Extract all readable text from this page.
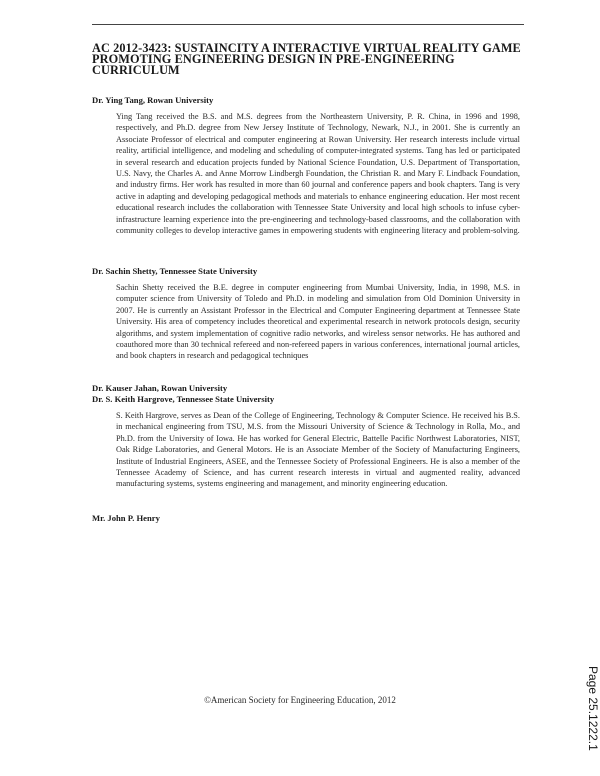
AC 2012-3423: SUSTAINCITY A INTERACTIVE VIRTUAL REALITY GAME PROMOTING ENGINEERING DESIGN IN PRE-ENGINEERING CURRICULUM
Dr. Ying Tang, Rowan University
Ying Tang received the B.S. and M.S. degrees from the Northeastern University, P. R. China, in 1996 and 1998, respectively, and Ph.D. degree from New Jersey Institute of Technology, Newark, N.J., in 2001. She is currently an Associate Professor of electrical and computer engineering at Rowan University. Her research interests include virtual reality, artificial intelligence, and modeling and scheduling of computer-integrated systems. Tang has led or participated in several research and education projects funded by National Science Foundation, U.S. Department of Transportation, U.S. Navy, the Charles A. and Anne Morrow Lindbergh Foundation, the Christian R. and Mary F. Lindback Foundation, and industry firms. Her work has resulted in more than 60 journal and conference papers and book chapters. Tang is very active in adapting and developing pedagogical methods and materials to enhance engineering education. Her most recent educational research includes the collaboration with Tennessee State University and local high schools to infuse cyber-infrastructure learning experience into the pre-engineering and technology-based classrooms, and the collaboration with community colleges to develop interactive games in empowering students with engineering literacy and problem-solving.
Dr. Sachin Shetty, Tennessee State University
Sachin Shetty received the B.E. degree in computer engineering from Mumbai University, India, in 1998, M.S. in computer science from University of Toledo and Ph.D. in modeling and simulation from Old Dominion University in 2007. He is currently an Assistant Professor in the Electrical and Computer Engineering department at Tennessee State University. His area of competency includes theoretical and experimental research in network protocols design, security algorithms, and system implementation of cognitive radio networks, and wireless sensor networks. He has authored and coauthored more than 30 technical refereed and non-refereed papers in various conferences, international journal articles, and book chapters in research and pedagogical techniques
Dr. Kauser Jahan, Rowan University
Dr. S. Keith Hargrove, Tennessee State University
S. Keith Hargrove, serves as Dean of the College of Engineering, Technology & Computer Science. He received his B.S. in mechanical engineering from TSU, M.S. from the Missouri University of Science & Technology in Rolla, Mo., and Ph.D. from the University of Iowa. He has worked for General Electric, Battelle Pacific Northwest Laboratories, NIST, Oak Ridge Laboratories, and General Motors. He is an Associate Member of the Society of Manufacturing Engineers, Institute of Industrial Engineers, ASEE, and the Tennessee Society of Professional Engineers. He is also a member of the Tennessee Academy of Science, and has current research interests in virtual and augmented reality, advanced manufacturing systems, systems engineering and management, and minority engineering education.
Mr. John P. Henry
©American Society for Engineering Education, 2012	Page 25.1222.1
